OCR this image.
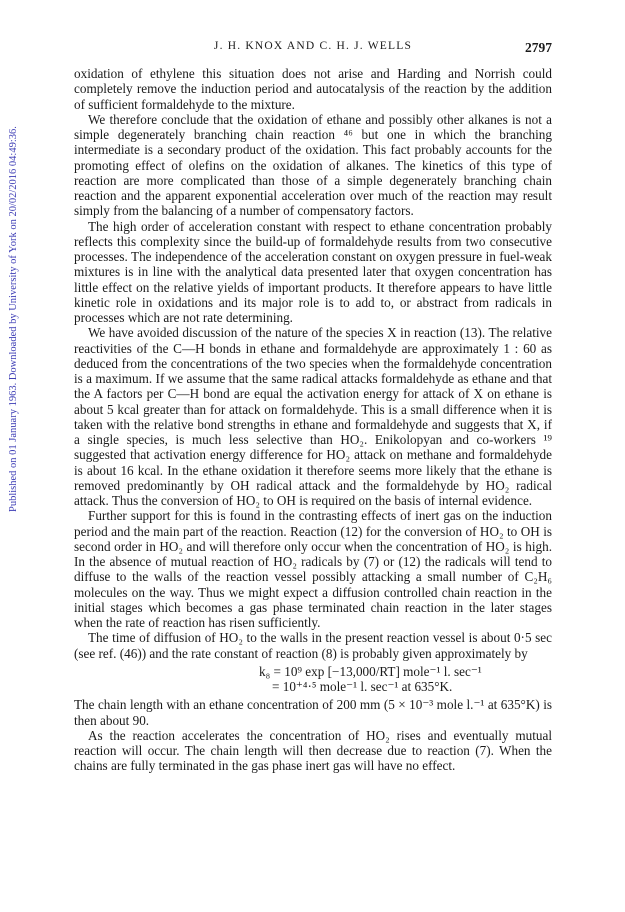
J. H. KNOX AND C. H. J. WELLS	2797
Published on 01 January 1963. Downloaded by University of York on 20/02/2016 04:49:36.

oxidation of ethylene this situation does not arise and Harding and Norrish could completely remove the induction period and autocatalysis of the reaction by the addition of sufficient formaldehyde to the mixture.

We therefore conclude that the oxidation of ethane and possibly other alkanes is not a simple degenerately branching chain reaction ⁴⁶ but one in which the branching intermediate is a secondary product of the oxidation. This fact probably accounts for the promoting effect of olefins on the oxidation of alkanes. The kinetics of this type of reaction are more complicated than those of a simple degenerately branching chain reaction and the apparent exponential acceleration over much of the reaction may result simply from the balancing of a number of compensatory factors.

The high order of acceleration constant with respect to ethane concentration probably reflects this complexity since the build-up of formaldehyde results from two consecutive processes. The independence of the acceleration constant on oxygen pressure in fuel-weak mixtures is in line with the analytical data presented later that oxygen concentration has little effect on the relative yields of important products. It therefore appears to have little kinetic role in oxidations and its major role is to add to, or abstract from radicals in processes which are not rate determining.

We have avoided discussion of the nature of the species X in reaction (13). The relative reactivities of the C—H bonds in ethane and formaldehyde are approximately 1 : 60 as deduced from the concentrations of the two species when the formaldehyde concentration is a maximum. If we assume that the same radical attacks formaldehyde as ethane and that the A factors per C—H bond are equal the activation energy for attack of X on ethane is about 5 kcal greater than for attack on formaldehyde. This is a small difference when it is taken with the relative bond strengths in ethane and formaldehyde and suggests that X, if a single species, is much less selective than HO₂. Enikolopyan and co-workers ¹⁹ suggested that activation energy difference for HO₂ attack on methane and formaldehyde is about 16 kcal. In the ethane oxidation it therefore seems more likely that the ethane is removed predominantly by OH radical attack and the formaldehyde by HO₂ radical attack. Thus the conversion of HO₂ to OH is required on the basis of internal evidence.

Further support for this is found in the contrasting effects of inert gas on the induction period and the main part of the reaction. Reaction (12) for the conversion of HO₂ to OH is second order in HO₂ and will therefore only occur when the concentration of HO₂ is high. In the absence of mutual reaction of HO₂ radicals by (7) or (12) the radicals will tend to diffuse to the walls of the reaction vessel possibly attacking a small number of C₂H₆ molecules on the way. Thus we might expect a diffusion controlled chain reaction in the initial stages which becomes a gas phase terminated chain reaction in the later stages when the rate of reaction has risen sufficiently.

The time of diffusion of HO₂ to the walls in the present reaction vessel is about 0·5 sec (see ref. (46)) and the rate constant of reaction (8) is probably given approximately by

k₈ = 10⁹ exp [−13,000/RT] mole⁻¹ l. sec⁻¹
= 10⁺⁴·⁵ mole⁻¹ l. sec⁻¹ at 635°K.

The chain length with an ethane concentration of 200 mm (5 × 10⁻³ mole l.⁻¹ at 635°K) is then about 90.

As the reaction accelerates the concentration of HO₂ rises and eventually mutual reaction will occur. The chain length will then decrease due to reaction (7). When the chains are fully terminated in the gas phase inert gas will have no effect.
